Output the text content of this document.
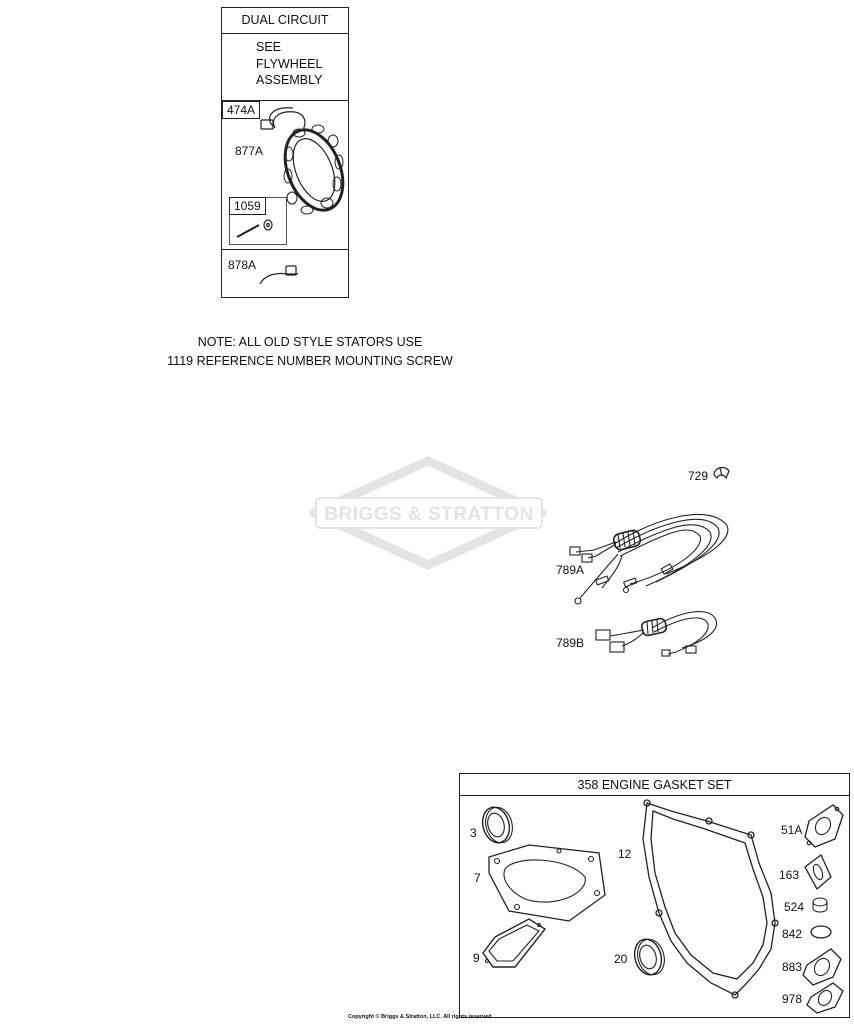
DUAL CIRCUIT
SEE
FLYWHEEL
ASSEMBLY
474A
877A
1059
878A
NOTE: ALL OLD STYLE STATORS USE
1119 REFERENCE NUMBER MOUNTING SCREW
BRIGGS & STRATTON
729
789A
789B
358 ENGINE GASKET SET
3
7
9
12
20
51A
163
524
842
883
978
Copyright © Briggs & Stratton, LLC. All rights reserved.
